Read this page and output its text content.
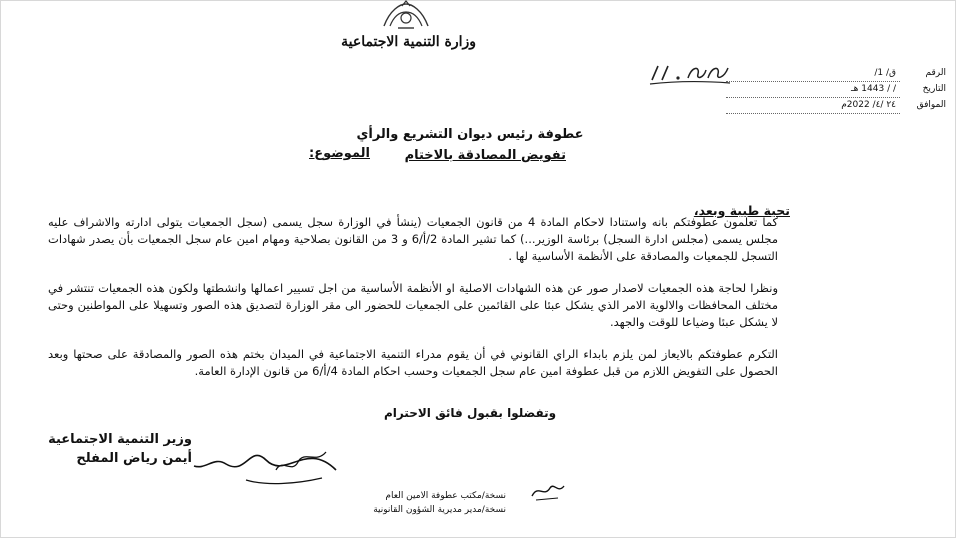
وزارة التنمية الاجتماعية
الرقم
ق/ 1/
التاريخ
/ / 1443 هـ
الموافق
٢٤ /٤/ 2022م
عطوفة رئيس ديوان التشريع والرأي
الموضوع:	تفويض المصادقة بالاختام
تحية طيبة وبعد،
كما تعلمون عطوفتكم بانه واستنادا لاحكام المادة 4 من قانون الجمعيات (ينشأ في الوزارة سجل يسمى (سجل الجمعيات يتولى ادارته والاشراف عليه مجلس يسمى (مجلس ادارة السجل) برئاسة الوزير...) كما تشير المادة 2/أ/6 و 3 من القانون بصلاحية ومهام امين عام سجل الجمعيات بأن يصدر شهادات التسجل للجمعيات والمصادقة على الأنظمة الأساسية لها .
ونظرا لحاجة هذه الجمعيات لاصدار صور عن هذه الشهادات الاصلية او الأنظمة الأساسية من اجل تسيير اعمالها وانشطتها ولكون هذه الجمعيات تنتشر في مختلف المحافظات والالوية الامر الذي يشكل عبئا على القائمين على الجمعيات للحضور الى مقر الوزارة لتصديق هذه الصور وتسهيلا على المواطنين وحتى لا يشكل عبئا وضياعا للوقت والجهد.
التكرم عطوفتكم بالايعاز لمن يلزم بابداء الراي القانوني في أن يقوم مدراء التنمية الاجتماعية في الميدان بختم هذه الصور والمصادقة على صحتها وبعد الحصول على التفويض اللازم من قبل عطوفة امين عام سجل الجمعيات وحسب احكام المادة 4/أ/6 من قانون الإدارة العامة.
وتفضلوا بقبول فائق الاحترام
وزير التنمية الاجتماعية
أيمن رياض المفلح
نسخة/مكتب عطوفة الامين العام
نسخة/مدير مديرية الشؤون القانونية
